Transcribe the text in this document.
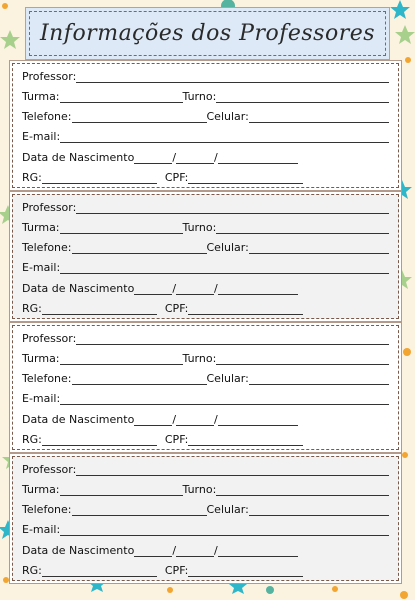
Informações dos Professores
Professor:
Turma:	Turno:
Telefone:	Celular:
E-mail:
Data de Nascimento	/	/
RG:	CPF:
Professor:
Turma:	Turno:
Telefone:	Celular:
E-mail:
Data de Nascimento	/	/
RG:	CPF:
Professor:
Turma:	Turno:
Telefone:	Celular:
E-mail:
Data de Nascimento	/	/
RG:	CPF:
Professor:
Turma:	Turno:
Telefone:	Celular:
E-mail:
Data de Nascimento	/	/
RG:	CPF:
